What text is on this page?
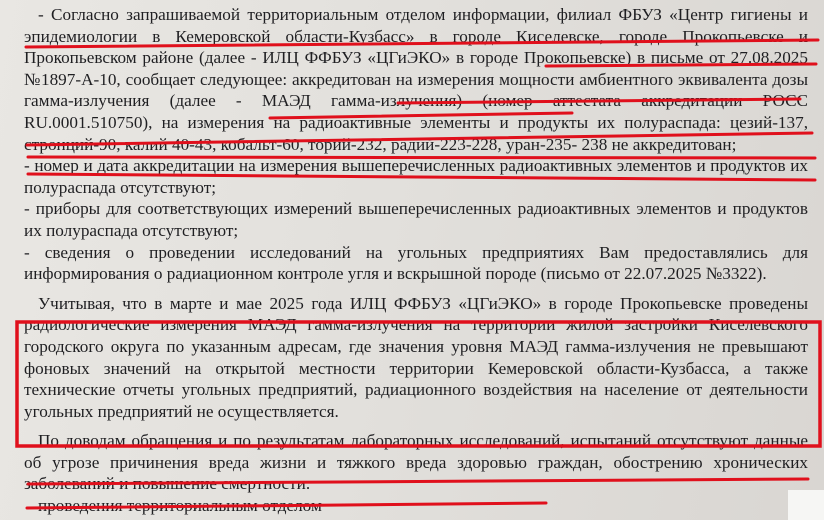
- Согласно запрашиваемой территориальным отделом информации, филиал ФБУЗ «Центр гигиены и эпидемиологии в Кемеровской области-Кузбасс» в городе Киселевске, городе Прокопьевске и Прокопьевском районе (далее - ИЛЦ ФФБУЗ «ЦГиЭКО» в городе Прокопьевске) в письме от 27.08.2025 №1897-А-10, сообщает следующее: аккредитован на измерения мощности амбиентного эквивалента дозы гамма-излучения (далее - МАЭД гамма-излучения) (номер аттестата аккредитации РОСС RU.0001.510750), на измерения на радиоактивные элементы и продукты их полураспада: цезий-137, стронций-90, калий 40-43, кобальт-60, торий-232, радий-223-228, уран-235- 238 не аккредитован;

- номер и дата аккредитации на измерения вышеперечисленных радиоактивных элементов и продуктов их полураспада отсутствуют;

- приборы для соответствующих измерений вышеперечисленных радиоактивных элементов и продуктов их полураспада отсутствуют;

- сведения о проведении исследований на угольных предприятиях Вам предоставлялись для информирования о радиационном контроле угля и вскрышной породе (письмо от 22.07.2025 №3322).

Учитывая, что в марте и мае 2025 года ИЛЦ ФФБУЗ «ЦГиЭКО» в городе Прокопьевске проведены радиологические измерения МАЭД гамма-излучения на территории жилой застройки Киселевского городского округа по указанным адресам, где значения уровня МАЭД гамма-излучения не превышают фоновых значений на открытой местности территории Кемеровской области-Кузбасса, а также технические отчеты угольных предприятий, радиационного воздействия на население от деятельности угольных предприятий не осуществляется.

По доводам обращения и по результатам лабораторных исследований, испытаний отсутствуют данные об угрозе причинения вреда жизни и тяжкого вреда здоровью граждан, обострению хронических заболеваний и повышение смертности.

проведения территориальным отделом
